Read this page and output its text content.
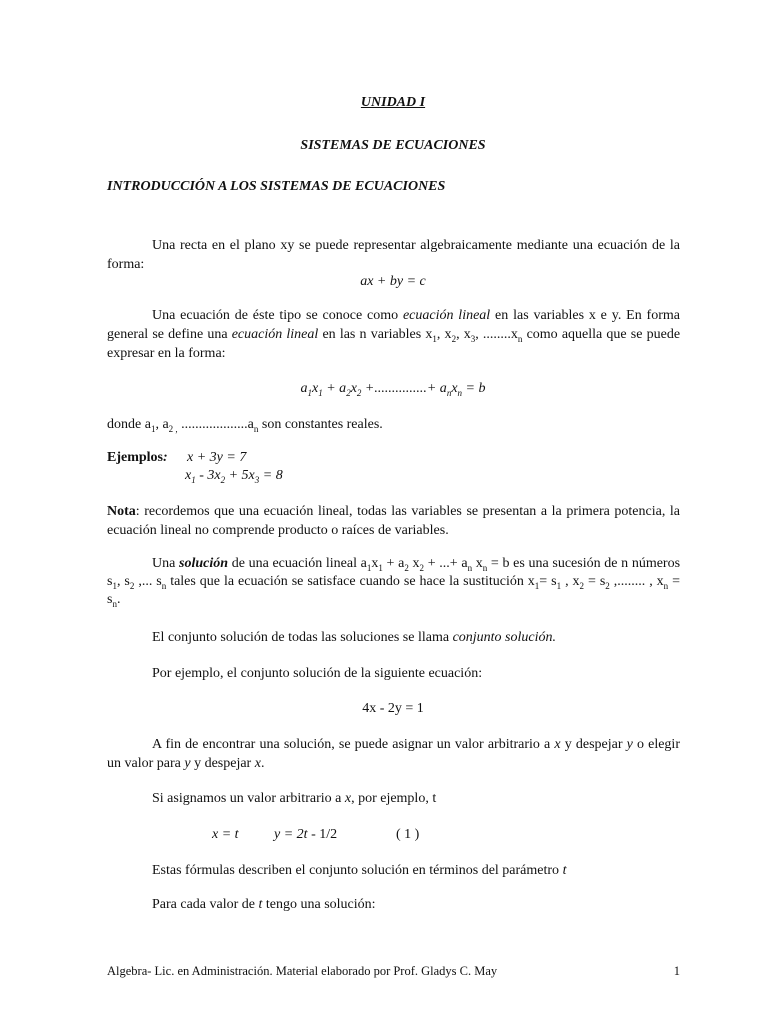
UNIDAD I
SISTEMAS DE ECUACIONES
INTRODUCCIÓN A LOS SISTEMAS DE ECUACIONES
Una recta en el plano xy se puede representar algebraicamente mediante una ecuación de la forma:
ax + by = c
Una ecuación de éste tipo se conoce como ecuación lineal en las variables x e y. En forma general se define una ecuación lineal en las n variables $x_1$, $x_2$, $x_3$, $........x_n$ como aquella que se puede expresar en la forma:
$a_1x_1 + a_2x_2$ +...............+ $a_nx_n = b$
donde $a_1$, $a_{2 ,}$ $...................a_n$ son constantes reales.
Ejemplos: x + 3y = 7
$x_1 - 3x_2 + 5x_3 = 8$
Nota: recordemos que una ecuación lineal, todas las variables se presentan a la primera potencia, la ecuación lineal no comprende producto o raíces de variables.
Una solución de una ecuación lineal $a_1x_1 + a_2$ $x_2$ + ...+ $a_n$ $x_n = b$ es una sucesión de n números $s_1$, $s_2$ ,... $s_n$ tales que la ecuación se satisface cuando se hace la sustitución $x_1= s_1$ , $x_2 = s_2$ ,........ , $x_n = s_n$.
El conjunto solución de todas las soluciones se llama conjunto solución.
Por ejemplo, el conjunto solución de la siguiente ecuación:
4x - 2y = 1
A fin de encontrar una solución, se puede asignar un valor arbitrario a x y despejar y o elegir un valor para y y despejar x.
Si asignamos un valor arbitrario a x, por ejemplo, t
x = t	y = 2t - 1/2	( 1 )
Estas fórmulas describen el conjunto solución en términos del parámetro t
Para cada valor de t tengo una solución:
Algebra- Lic. en Administración. Material elaborado por Prof. Gladys C. May	1
